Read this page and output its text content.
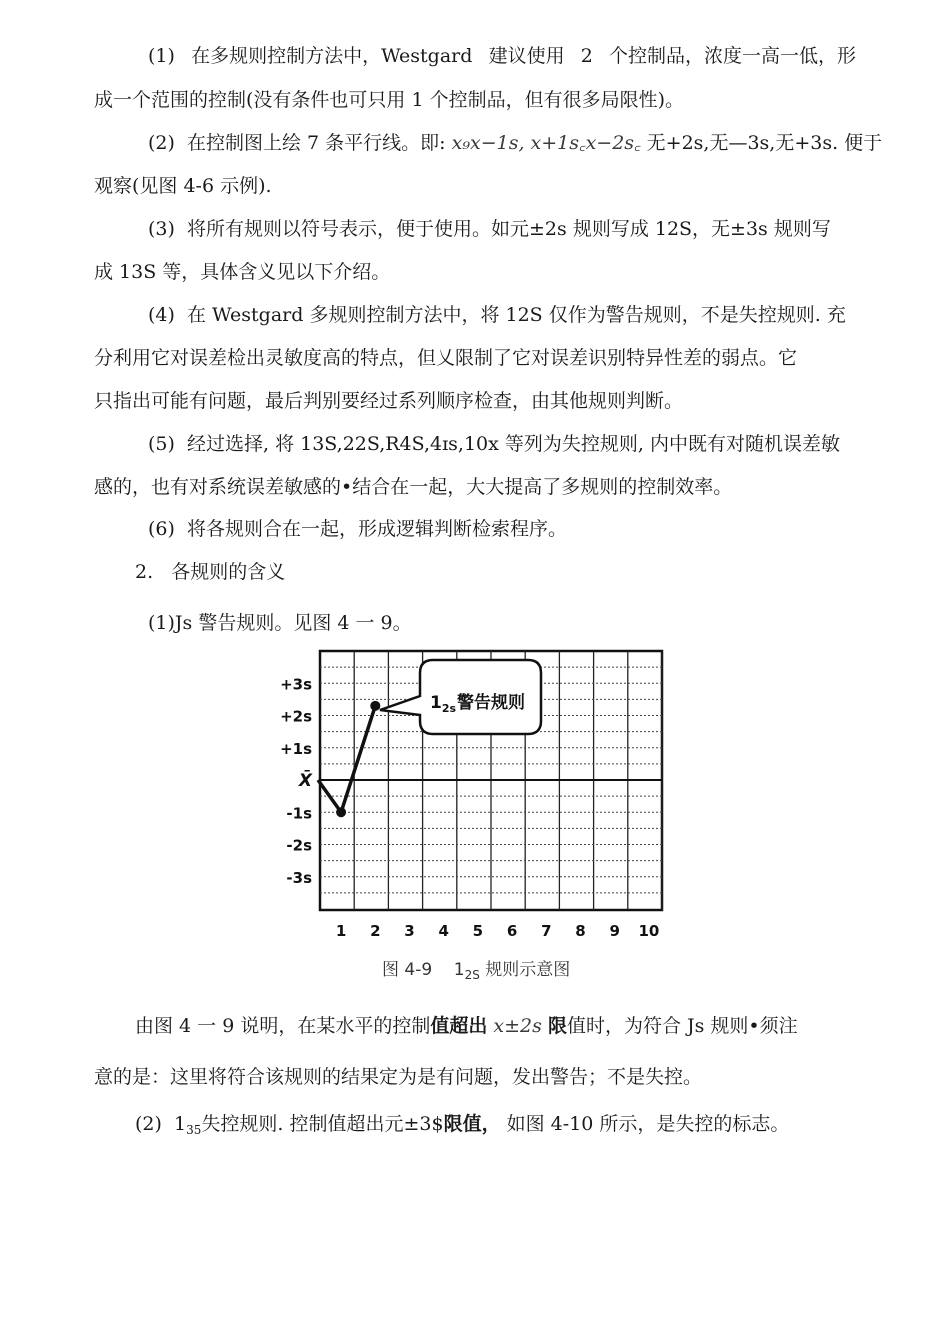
(1) 在多规则控制方法中，Westgard 建议使用 2 个控制品，浓度一高一低，形
成一个范围的控制(没有条件也可只用 1 个控制品，但有很多局限性)。
(2) 在控制图上绘 7 条平行线。即: x₉x−1s, x+1s꜀x−2s꜀ 无+2s,无—3s,无+3s. 便于
观察(见图 4-6 示例).
(3) 将所有规则以符号表示，便于使用。如元±2s 规则写成 12S，无±3s 规则写
成 13S 等，具体含义见以下介绍。
(4) 在 Westgard 多规则控制方法中，将 12S 仅作为警告规则，不是失控规则. 充
分利用它对误差检出灵敏度高的特点，但乂限制了它对误差识别特异性差的弱点。它
只指出可能有问题，最后判别要经过系列顺序检查，由其他规则判断。
(5) 经过选择, 将 13S,22S,R4S,4ɪs,10x 等列为失控规则, 内中既有对随机误差敏
感的，也有对系统误差敏感的•结合在一起，大大提高了多规则的控制效率。
(6) 将各规则合在一起，形成逻辑判断检索程序。
2. 各规则的含义
(1)Js 警告规则。见图 4 一 9。
+3s
+2s
+1s
X̄
-1s
-2s
-3s
1 2 3 4 5 6 7 8 9 10
$1_{2s}$ 警告规则
图 4-9 $1_{2S}$ 规则示意图
由图 4 一 9 说明，在某水平的控制值超出 x±2s 限值时，为符合 Js 规则•须注
意的是：这里将符合该规则的结果定为是有问题，发出警告；不是失控。
(2) $1_{35}$失控规则. 控制值超出元±3$限值， 如图 4-10 所示，是失控的标志。
